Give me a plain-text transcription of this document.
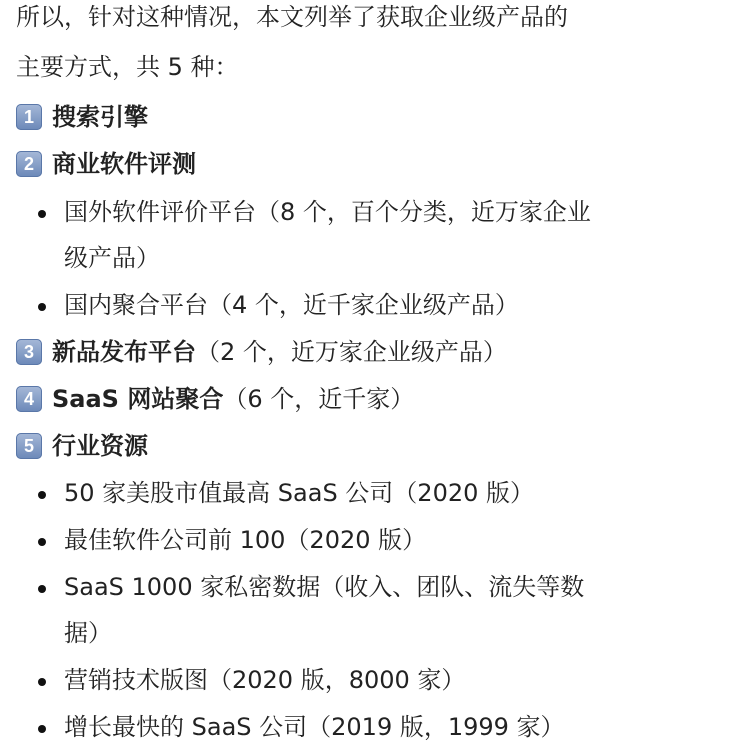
所以，针对这种情况，本文列举了获取企业级产品的
主要方式，共 5 种：
1 搜索引擎
2 商业软件评测
国外软件评价平台（8 个，百个分类，近万家企业
级产品）
国内聚合平台（4 个，近千家企业级产品）
3 新品发布平台 （2 个，近万家企业级产品）
4 SaaS 网站聚合 （6 个，近千家）
5 行业资源
50 家美股市值最高 SaaS 公司（2020 版）
最佳软件公司前 100（2020 版）
SaaS 1000 家私密数据（收入、团队、流失等数
据）
营销技术版图（2020 版，8000 家）
增长最快的 SaaS 公司（2019 版，1999 家）
